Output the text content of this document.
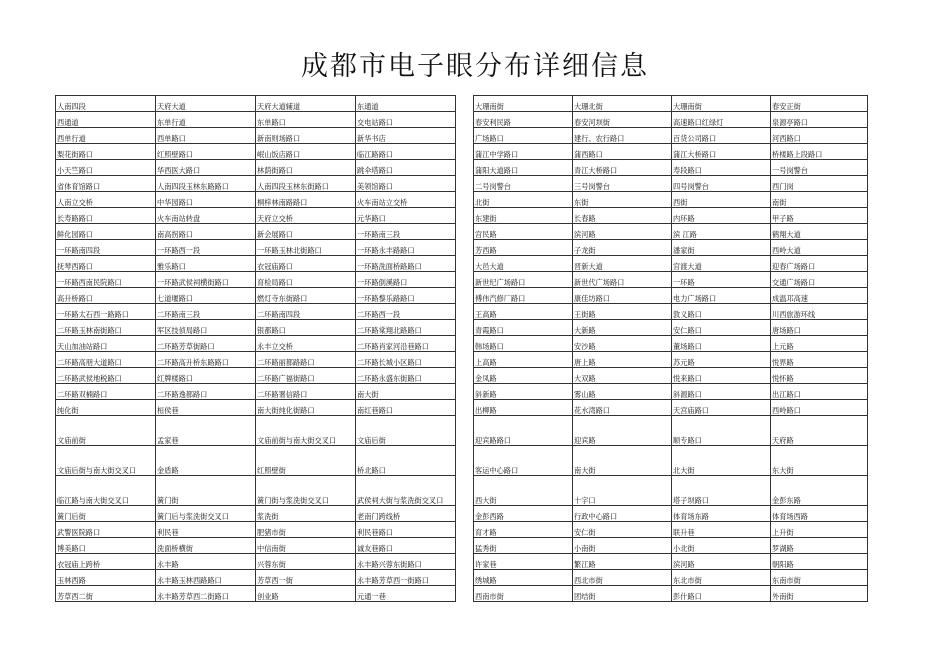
成都市电子眼分布详细信息
人南四段	天府大道	天府大道辅道	东通道
西通道	东单行道	东单路口	交电站路口
西单行道	西单路口	新南则场路口	新华书店
梨花街路口	红照壁路口	岷山饭店路口	临江路路口
小天竺路口	华西医大路口	林荫街路口	跳伞塔路口
省体育馆路口	人南四段玉林东路路口	人南四段玉林东街路口	美领馆路口
人南立交桥	中华园路口	桐梓林南路路口	火车南站立交桥
长寿路路口	火车南站转盘	天府立交桥	元华路口
鲜化园路口	南高拐路口	新会展路口	一环路南三段
一环路南四段	一环路西一段	一环路玉林北街路口	一环路永丰路路口
抚琴西路口	雅乐路口	衣冠庙路口	一环路洗面桥路路口
一环路西南民院路口	一环路武侯祠横街路口	育检局路口	一环路倒溪路口
高升桥路口	七道堰路口	燃灯寺东街路口	一环路黎乐路路口
一环路太石西一路路口	二环路南三段	二环路南四段	二环路西一段
二环路玉林南街路口	军区技侦局路口	银都路口	二环路棠翔北路路口
天山加油站路口	二环路芳草街路口	永丰立交桥	二环路肖家河沿巷路口
二环路高朋大道路口	二环路高升桥东路路口	二环路丽都路路口	二环路长城小区路口
二环路武侯地税路口	红牌楼路口	二环路广福街路口	二环路永盛东街路口
二环路双楠路口	二环路逸都路口	二环路署信路口	南大街
纯化街	桓侯巷	南大街纯化街路口	南红巷路口
文庙前街	孟家巷	文庙前街与南大街交叉口	文庙后街
文庙后街与南大街交叉口	金盾路	红照壁街	桥北路口
临江路与南大街交叉口	簧门街	簧门街与浆洗街交叉口	武侯祠大街与浆洗街交叉口
簧门后街	簧门后与浆洗街交叉口	浆洗街	老南门跨线桥
武警医院路口	利民巷	肥猪市街	利民巷路口
博美路口	洗面桥横街	中信南街	诚友巷路口
衣冠庙上跨桥	永丰路	兴蓉东街	永丰路兴蓉东街路口
玉林西路	永丰路玉林西路路口	芳草西一街	永丰路芳草西一街路口
芳草西二街	永丰路芳草西二街路口	创业路	元通一巷
大珊南街	大珊北街	大珊南街	春安正街
春安利民路	春安河坝街	高速路口红绿灯	泉源亭路口
广场路口	建行、农行路口	百货公司路口	河西路口
蒲江中学路口	蒲西路口	蒲江大桥路口	桥楼路上段路口
蒲阳大道路口	青江大桥路口	寿段路口	一号岗警台
二号岗警台	三号岗警台	四号岗警台	西门岗
北街	东街	西街	南街
东建街	长春路	内环路	甲子路
宫民路	滨河路	滨 江路	鹤翔大道
芳西路	子龙街	潘家街	西岭大道
大邑大道	晋新大道	官渡大道	迎春广场路口
新世纪广场路口	新世代广场路口	一环路	交通广场路口
傅伟汽修厂路口	康佳坊路口	电力广场路口	成温邛高速
王高路	王街路	敦义路口	川西旅游环线
青霞路口	大新路	安仁路口	唐场路口
韩场路口	安沙路	董场路口	上元路
上高路	唐上路	苏元路	悦界路
金凤路	大双路	悦来路口	悦怀路
斜新路	雾山路	斜源路口	出江路口
出柳路	花水湾路口	天宫庙路口	西岭路口
迎宾路路口	迎宾路	顺专路口	天府路
客运中心路口	南大街	北大街	东大街
西大街	十字口	塔子坝路口	金彭东路
金彭西路	行政中心路口	体育场东路	体育场西路
育才路	安仁街	联升巷	上升街
猛秀街	小南街	小北街	罗湖路
许家巷	繁江路	滨河路	朝阳路
绣城路	西北市街	东北市街	东南市街
西南市街	团结街	彭什路口	外南街
